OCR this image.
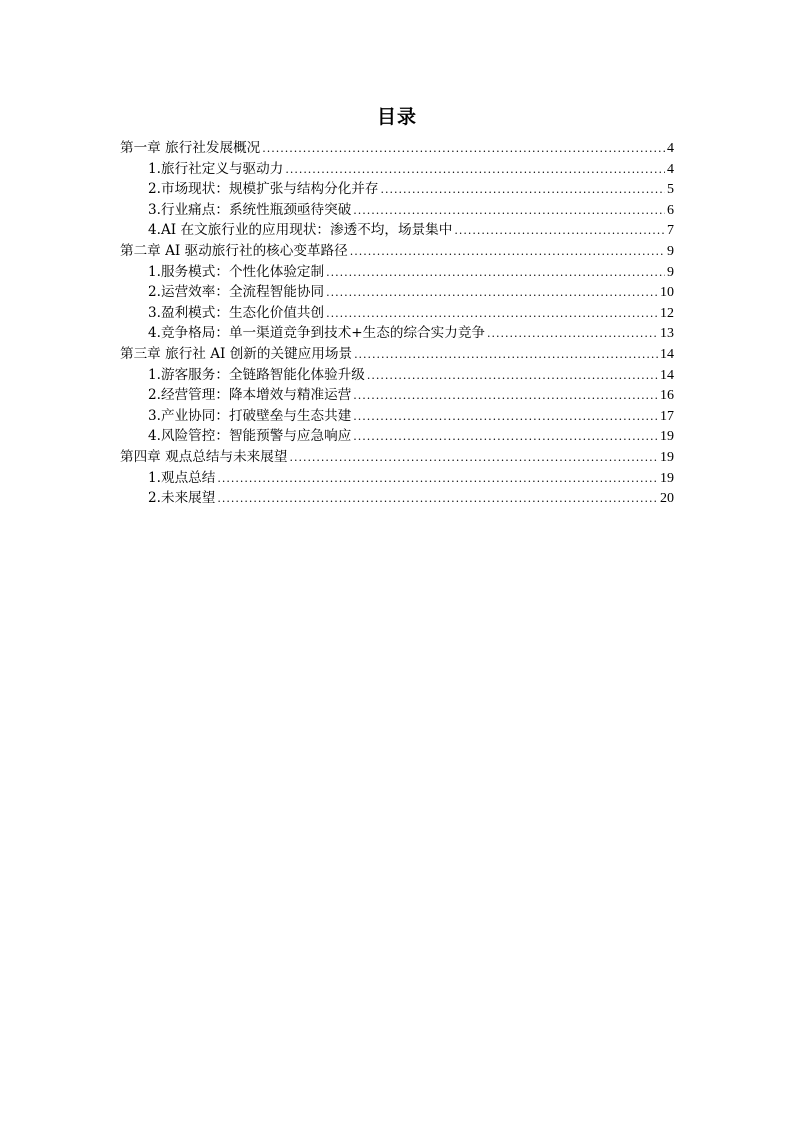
目录
第一章 旅行社发展概况 .....	4
1.旅行社定义与驱动力 .....	4
2.市场现状：规模扩张与结构分化并存 .....	5
3.行业痛点：系统性瓶颈亟待突破 .....	6
4.AI 在文旅行业的应用现状：渗透不均，场景集中 .....	7
第二章 AI 驱动旅行社的核心变革路径 .....	9
1.服务模式：个性化体验定制 .....	9
2.运营效率：全流程智能协同 .....	10
3.盈利模式：生态化价值共创 .....	12
4.竞争格局：单一渠道竞争到技术+生态的综合实力竞争 .....	13
第三章 旅行社 AI 创新的关键应用场景 .....	14
1.游客服务：全链路智能化体验升级 .....	14
2.经营管理：降本增效与精准运营 .....	16
3.产业协同：打破壁垒与生态共建 .....	17
4.风险管控：智能预警与应急响应 .....	19
第四章 观点总结与未来展望 .....	19
1.观点总结 .....	19
2.未来展望 .....	20
